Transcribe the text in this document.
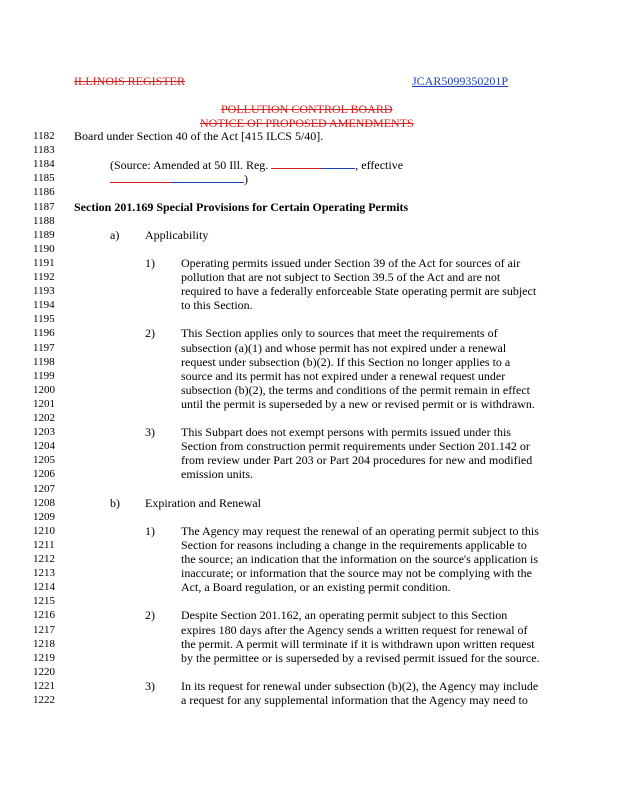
ILLINOIS REGISTER	JCAR5099350201P
POLLUTION CONTROL BOARD
NOTICE OF PROPOSED AMENDMENTS
1182	Board under Section 40 of the Act [415 ILCS 5/40].
1183
1184	(Source: Amended at 50 Ill. Reg.	, effective
1185	)
1186
1187	Section 201.169 Special Provisions for Certain Operating Permits
1188
1189	a) Applicability
1190
1191	1) Operating permits issued under Section 39 of the Act for sources of air
1192	pollution that are not subject to Section 39.5 of the Act and are not
1193	required to have a federally enforceable State operating permit are subject
1194	to this Section.
1195
1196	2) This Section applies only to sources that meet the requirements of
1197	subsection (a)(1) and whose permit has not expired under a renewal
1198	request under subsection (b)(2). If this Section no longer applies to a
1199	source and its permit has not expired under a renewal request under
1200	subsection (b)(2), the terms and conditions of the permit remain in effect
1201	until the permit is superseded by a new or revised permit or is withdrawn.
1202
1203	3) This Subpart does not exempt persons with permits issued under this
1204	Section from construction permit requirements under Section 201.142 or
1205	from review under Part 203 or Part 204 procedures for new and modified
1206	emission units.
1207
1208	b) Expiration and Renewal
1209
1210	1) The Agency may request the renewal of an operating permit subject to this
1211	Section for reasons including a change in the requirements applicable to
1212	the source; an indication that the information on the source's application is
1213	inaccurate; or information that the source may not be complying with the
1214	Act, a Board regulation, or an existing permit condition.
1215
1216	2) Despite Section 201.162, an operating permit subject to this Section
1217	expires 180 days after the Agency sends a written request for renewal of
1218	the permit. A permit will terminate if it is withdrawn upon written request
1219	by the permittee or is superseded by a revised permit issued for the source.
1220
1221	3) In its request for renewal under subsection (b)(2), the Agency may include
1222	a request for any supplemental information that the Agency may need to
